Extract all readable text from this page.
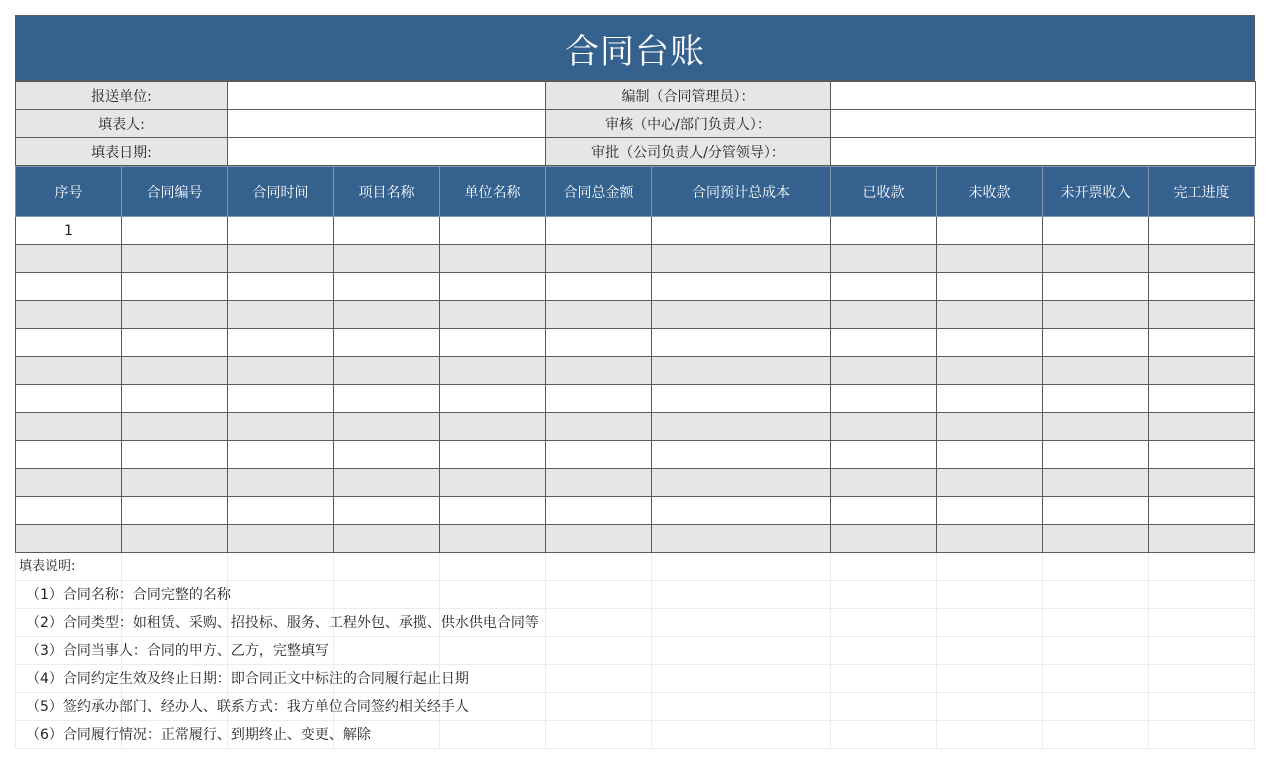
合同台账
报送单位:		编制（合同管理员）：	
填表人:		审核（中心/部门负责人）：	
填表日期:		审批（公司负责人/分管领导）：	
序号	合同编号	合同时间	项目名称	单位名称	合同总金额	合同预计总成本	已收款	未收款	未开票收入	完工进度
1										

填表说明:										

（1）合同名称：合同完整的名称										

（2）合同类型：如租赁、采购、招投标、服务、工程外包、承揽、供水供电合同等										

（3）合同当事人：合同的甲方、乙方，完整填写										

（4）合同约定生效及终止日期：即合同正文中标注的合同履行起止日期										

（5）签约承办部门、经办人、联系方式：我方单位合同签约相关经手人										

（6）合同履行情况：正常履行、到期终止、变更、解除										
